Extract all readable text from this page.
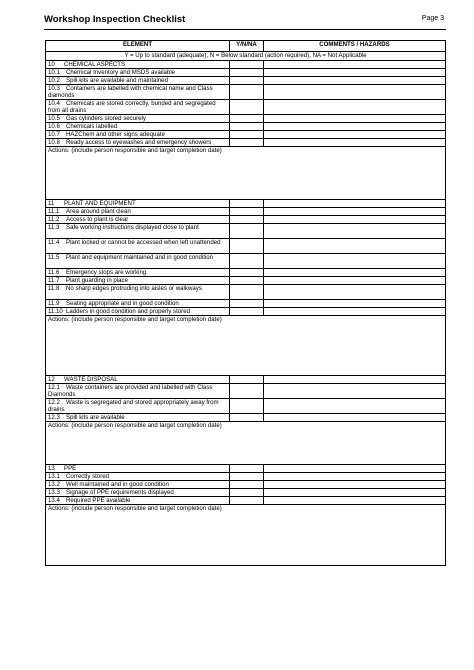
Workshop Inspection Checklist	Page 3
ELEMENT	Y/N/NA	COMMENTS / HAZARDS
Y = Up to standard (adequate), N = Below standard (action required), NA = Not Applicable		
10 CHEMICAL ASPECTS		
10.1 Chemical Inventory and MSDS available		
10.2 Spill kits are available and maintained		
10.3 Containers are labelled with chemical name and Class diamonds		
10.4 Chemicals are stored correctly, bunded and segregated from all drains		
10.5 Gas cylinders stored securely		
10.6 Chemicals labelled		
10.7 HAZChem and other signs adequate		
10.8 Ready access to eyewashes and emergency showers		
Actions: (include person responsible and target completion date)		
11 PLANT AND EQUIPMENT		
11.1 Area around plant clean		
11.2 Access to plant is clear		
11.3 Safe working instructions displayed close to plant		
11.4 Plant locked or cannot be accessed when left unattended		
11.5 Plant and equipment maintained and in good condition		
11.6 Emergency stops are working		
11.7 Plant guarding in place		
11.8 No sharp edges protruding into aisles or walkways		
11.9 Seating appropriate and in good condition		
11.10 Ladders in good condition and properly stored		
Actions: (include person responsible and target completion date)		
12 WASTE DISPOSAL		
12.1 Waste containers are provided and labelled with Class Diamonds		
12.2 Waste is segregated and stored appropriately away from drains		
12.3 Spill kits are available		
Actions: (include person responsible and target completion date)		
13 PPE		
13.1 Correctly stored		
13.2 Well maintained and in good condition		
13.3 Signage of PPE requirements displayed		
13.4 Required PPE available		
Actions: (include person responsible and target completion date)		
